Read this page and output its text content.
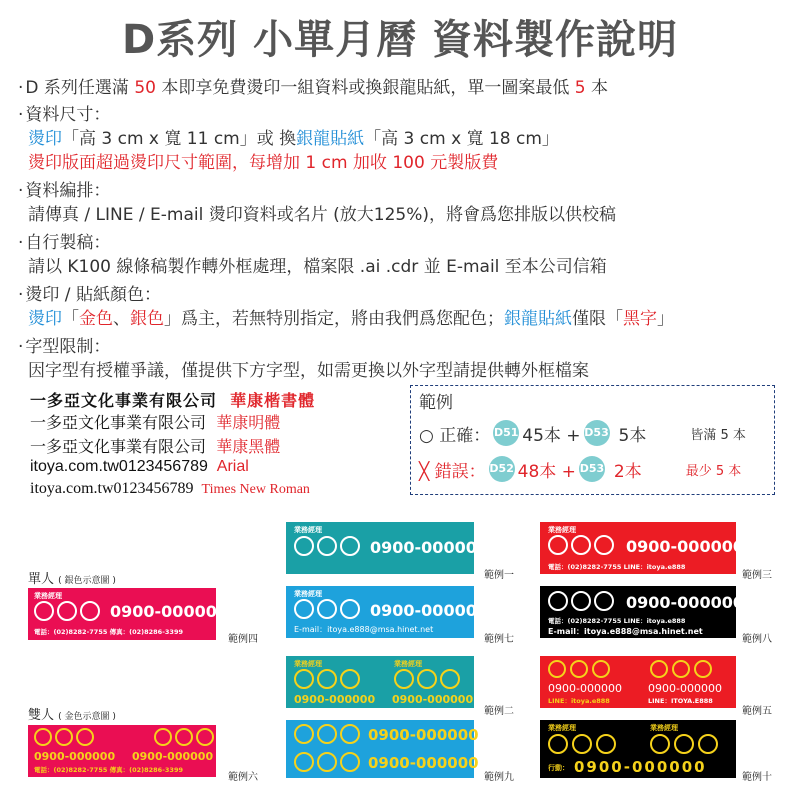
D系列 小單月曆 資料製作說明
· D 系列任選滿 50 本即享免費燙印一組資料或換銀龍貼紙，單一圖案最低 5 本
· 資料尺寸：
燙印「高 3 cm x 寬 11 cm」或 換銀龍貼紙「高 3 cm x 寬 18 cm」
燙印版面超過燙印尺寸範圍，每增加 1 cm 加收 100 元製版費
· 資料編排：
請傳真 / LINE / E-mail 燙印資料或名片 (放大125%)，將會爲您排版以供校稿
· 自行製稿：
請以 K100 線條稿製作轉外框處理，檔案限 .ai .cdr 並 E-mail 至本公司信箱
· 燙印 / 貼紙顏色：
燙印「金色、銀色」爲主，若無特別指定，將由我們爲您配色；銀龍貼紙僅限「黑字」
· 字型限制：
因字型有授權爭議，僅提供下方字型，如需更換以外字型請提供轉外框檔案
一多亞文化事業有限公司 華康楷書體
一多亞文化事業有限公司 華康明體
一多亞文化事業有限公司 華康黑體
itoya.com.tw0123456789 Arial
itoya.com.tw0123456789 Times New Roman
範例
○ 正確： D51 45本 + D53 5本	皆滿 5 本
╳ 錯誤： D52 48本 + D53 2本	最少 5 本
單人 ( 銀色示意圖 )
雙人 ( 金色示意圖 )
業務經理
0900-000000
電話：(02)8282-7755 傳真：(02)8286-3399
範例四
0900-000000 0900-000000
電話：(02)8282-7755 傳真：(02)8286-3399
範例六
業務經理
0900-000000
範例一
業務經理
0900-000000
E-mail：itoya.e888@msa.hinet.net
範例七
業務經理	業務經理
0900-000000 0900-000000
範例二
0900-000000
0900-000000
範例九
業務經理
0900-000000
電話：(02)8282-7755 LINE：itoya.e888
範例三
0900-000000
電話：(02)8282-7755 LINE：itoya.e888
E-mail：itoya.e888@msa.hinet.net
範例八
0900-000000 0900-000000
LINE：itoya.e888	LINE：ITOYA.E888
範例五
業務經理	業務經理
行動： 0900-000000
範例十
